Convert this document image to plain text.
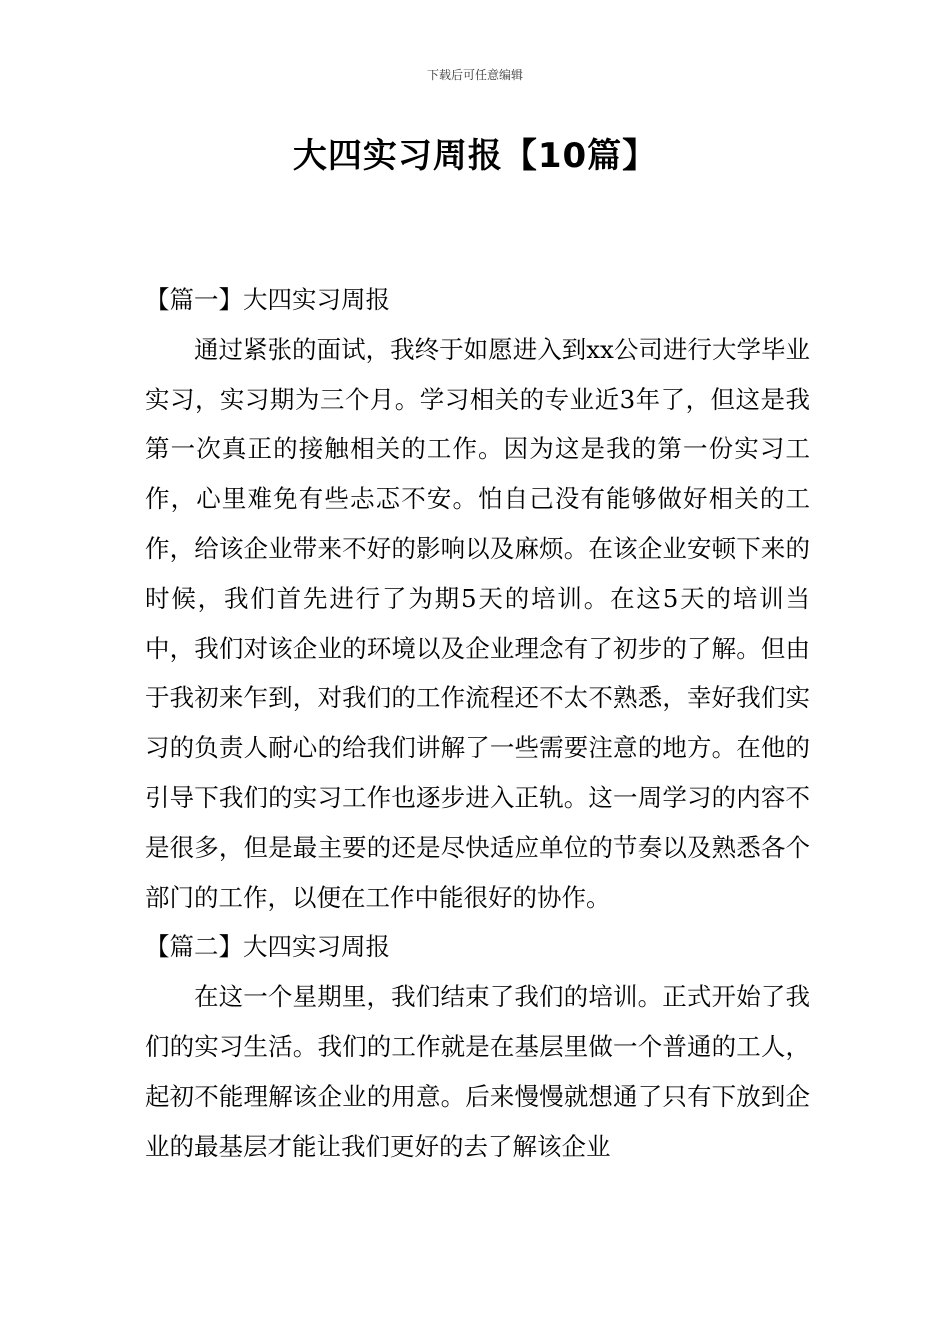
下载后可任意编辑
大四实习周报【10篇】

【篇一】大四实习周报

通过紧张的面试，我终于如愿进入到xx公司进行大学毕业实习，实习期为三个月。学习相关的专业近3年了，但这是我第一次真正的接触相关的工作。因为这是我的第一份实习工作，心里难免有些忐忑不安。怕自己没有能够做好相关的工作，给该企业带来不好的影响以及麻烦。在该企业安顿下来的时候，我们首先进行了为期5天的培训。在这5天的培训当中，我们对该企业的环境以及企业理念有了初步的了解。但由于我初来乍到，对我们的工作流程还不太不熟悉，幸好我们实习的负责人耐心的给我们讲解了一些需要注意的地方。在他的引导下我们的实习工作也逐步进入正轨。这一周学习的内容不是很多，但是最主要的还是尽快适应单位的节奏以及熟悉各个部门的工作，以便在工作中能很好的协作。

【篇二】大四实习周报

在这一个星期里，我们结束了我们的培训。正式开始了我们的实习生活。我们的工作就是在基层里做一个普通的工人，起初不能理解该企业的用意。后来慢慢就想通了只有下放到企业的最基层才能让我们更好的去了解该企业
